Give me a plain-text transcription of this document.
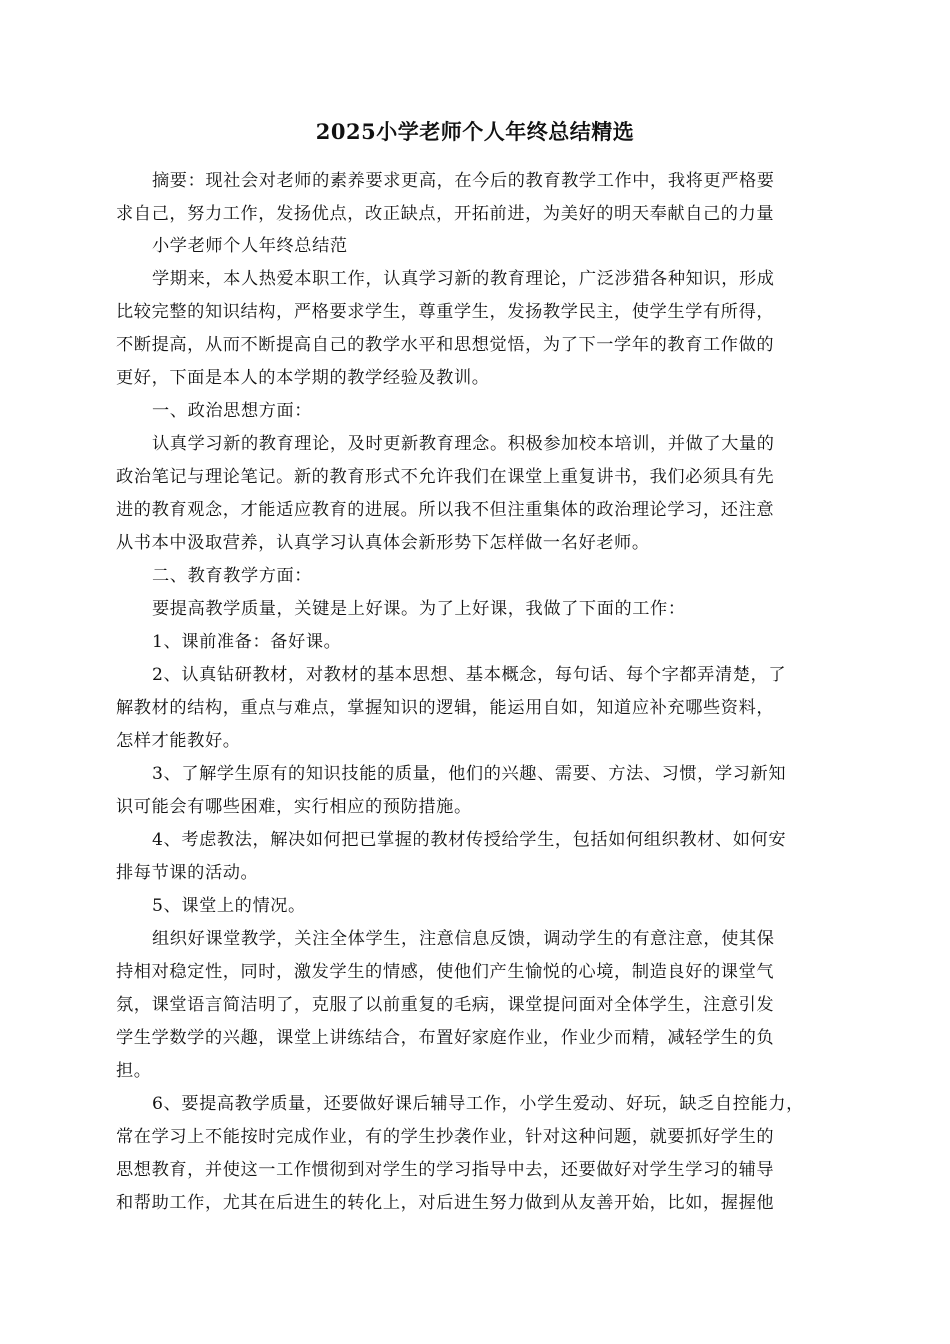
2025小学老师个人年终总结精选
摘要：现社会对老师的素养要求更高，在今后的教育教学工作中，我将更严格要
求自己，努力工作，发扬优点，改正缺点，开拓前进，为美好的明天奉献自己的力量
小学老师个人年终总结范
学期来，本人热爱本职工作，认真学习新的教育理论，广泛涉猎各种知识，形成
比较完整的知识结构，严格要求学生，尊重学生，发扬教学民主，使学生学有所得，
不断提高，从而不断提高自己的教学水平和思想觉悟，为了下一学年的教育工作做的
更好，下面是本人的本学期的教学经验及教训。
一、政治思想方面：
认真学习新的教育理论，及时更新教育理念。积极参加校本培训，并做了大量的
政治笔记与理论笔记。新的教育形式不允许我们在课堂上重复讲书，我们必须具有先
进的教育观念，才能适应教育的进展。所以我不但注重集体的政治理论学习，还注意
从书本中汲取营养，认真学习认真体会新形势下怎样做一名好老师。
二、教育教学方面：
要提高教学质量，关键是上好课。为了上好课，我做了下面的工作：
1、课前准备：备好课。
2、认真钻研教材，对教材的基本思想、基本概念，每句话、每个字都弄清楚，了
解教材的结构，重点与难点，掌握知识的逻辑，能运用自如，知道应补充哪些资料，
怎样才能教好。
3、了解学生原有的知识技能的质量，他们的兴趣、需要、方法、习惯，学习新知
识可能会有哪些困难，实行相应的预防措施。
4、考虑教法，解决如何把已掌握的教材传授给学生，包括如何组织教材、如何安
排每节课的活动。
5、课堂上的情况。
组织好课堂教学，关注全体学生，注意信息反馈，调动学生的有意注意，使其保
持相对稳定性，同时，激发学生的情感，使他们产生愉悦的心境，制造良好的课堂气
氛，课堂语言简洁明了，克服了以前重复的毛病，课堂提问面对全体学生，注意引发
学生学数学的兴趣，课堂上讲练结合，布置好家庭作业，作业少而精，减轻学生的负
担。
6、要提高教学质量，还要做好课后辅导工作，小学生爱动、好玩，缺乏自控能力，
常在学习上不能按时完成作业，有的学生抄袭作业，针对这种问题，就要抓好学生的
思想教育，并使这一工作惯彻到对学生的学习指导中去，还要做好对学生学习的辅导
和帮助工作，尤其在后进生的转化上，对后进生努力做到从友善开始，比如，握握他
